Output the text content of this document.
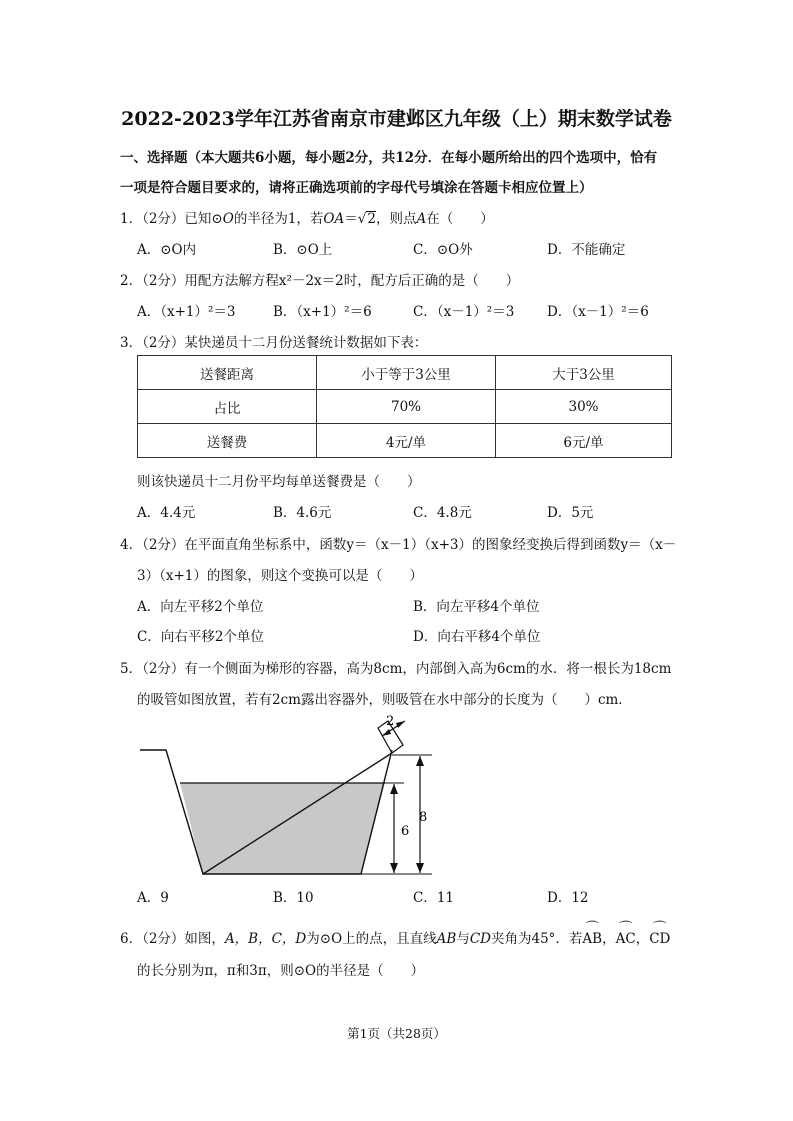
2022-2023学年江苏省南京市建邺区九年级（上）期末数学试卷
一、选择题（本大题共6小题，每小题2分，共12分．在每小题所给出的四个选项中，恰有
一项是符合题目要求的，请将正确选项前的字母代号填涂在答题卡相应位置上）
1．（2分）已知⊙O的半径为1，若OA＝√2，则点A在（　　）
A．⊙O内	B．⊙O上	C．⊙O外	D．不能确定
2．（2分）用配方法解方程x²－2x＝2时，配方后正确的是（　　）
A．（x+1）²＝3	B．（x+1）²＝6	C．（x－1）²＝3 D．（x－1）²＝6
3．（2分）某快递员十二月份送餐统计数据如下表：
送餐距离	小于等于3公里	大于3公里
占比	70%	30%
送餐费	4元/单	6元/单
则该快递员十二月份平均每单送餐费是（　　）
A．4.4元	B．4.6元	C．4.8元	D．5元
4．（2分）在平面直角坐标系中，函数y＝（x－1）（x+3）的图象经变换后得到函数y＝（x－
3）（x+1）的图象，则这个变换可以是（　　）
A．向左平移2个单位	B．向左平移4个单位
C．向右平移2个单位	D．向右平移4个单位
5．（2分）有一个侧面为梯形的容器，高为8cm，内部倒入高为6cm的水．将一根长为18cm
的吸管如图放置，若有2cm露出容器外，则吸管在水中部分的长度为（　　）cm．
2
6
8
A．9	B．10	C．11	D．12
6．（2分）如图，A，B，C，D为⊙O上的点，且直线AB与CD夹角为45°．若⌒ AB，⌒ AC，⌒ CD
的长分别为π，π和3π，则⊙O的半径是（　　）
第1页（共28页）
